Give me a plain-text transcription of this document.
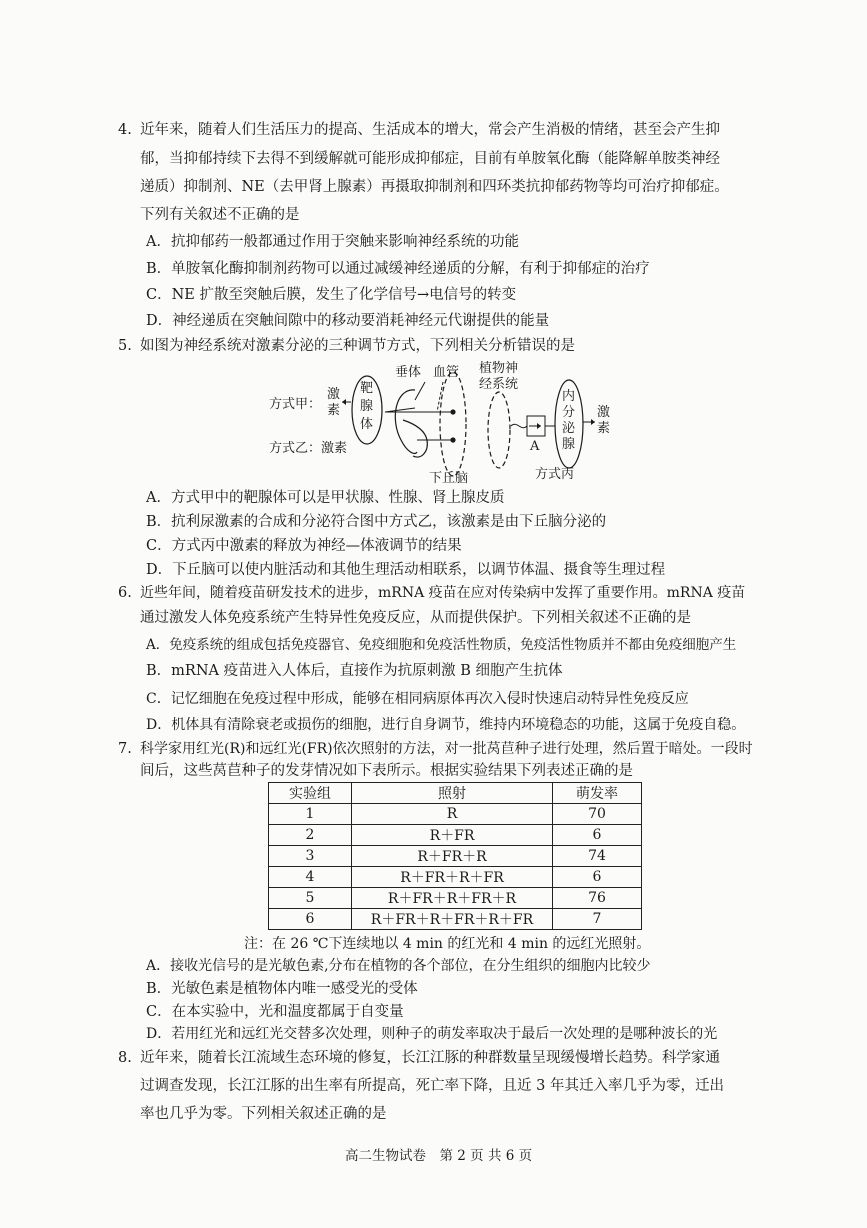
4. 近年来，随着人们生活压力的提高、生活成本的增大，常会产生消极的情绪，甚至会产生抑
郁，当抑郁持续下去得不到缓解就可能形成抑郁症，目前有单胺氧化酶（能降解单胺类神经
递质）抑制剂、NE（去甲肾上腺素）再摄取抑制剂和四环类抗抑郁药物等均可治疗抑郁症。
下列有关叙述不正确的是
A．抗抑郁药一般都通过作用于突触来影响神经系统的功能
B．单胺氧化酶抑制剂药物可以通过减缓神经递质的分解，有利于抑郁症的治疗
C．NE 扩散至突触后膜，发生了化学信号→电信号的转变
D．神经递质在突触间隙中的移动要消耗神经元代谢提供的能量
5. 如图为神经系统对激素分泌的三种调节方式，下列相关分析错误的是
方式甲：
方式乙：激素
激
素
靶
腺
体
垂体 血管
下丘脑
植物神
经系统
A
内
分
泌
腺
激
素
方式丙
A．方式甲中的靶腺体可以是甲状腺、性腺、肾上腺皮质
B．抗利尿激素的合成和分泌符合图中方式乙，该激素是由下丘脑分泌的
C．方式丙中激素的释放为神经—体液调节的结果
D．下丘脑可以使内脏活动和其他生理活动相联系，以调节体温、摄食等生理过程
6. 近些年间，随着疫苗研发技术的进步，mRNA 疫苗在应对传染病中发挥了重要作用。mRNA 疫苗
通过激发人体免疫系统产生特异性免疫反应，从而提供保护。下列相关叙述不正确的是
A．免疫系统的组成包括免疫器官、免疫细胞和免疫活性物质，免疫活性物质并不都由免疫细胞产生
B．mRNA 疫苗进入人体后，直接作为抗原刺激 B 细胞产生抗体
C．记忆细胞在免疫过程中形成，能够在相同病原体再次入侵时快速启动特异性免疫反应
D．机体具有清除衰老或损伤的细胞，进行自身调节，维持内环境稳态的功能，这属于免疫自稳。
7. 科学家用红光(R)和远红光(FR)依次照射的方法，对一批莴苣种子进行处理，然后置于暗处。一段时
间后，这些莴苣种子的发芽情况如下表所示。根据实验结果下列表述正确的是
实验组	照射	萌发率
1	R	70
2	R＋FR	6
3	R＋FR＋R	74
4	R＋FR＋R＋FR	6
5	R＋FR＋R＋FR＋R	76
6	R＋FR＋R＋FR＋R＋FR	7
注：在 26 ℃下连续地以 4 min 的红光和 4 min 的远红光照射。
A．接收光信号的是光敏色素,分布在植物的各个部位，在分生组织的细胞内比较少
B．光敏色素是植物体内唯一感受光的受体
C．在本实验中，光和温度都属于自变量
D．若用红光和远红光交替多次处理，则种子的萌发率取决于最后一次处理的是哪种波长的光
8. 近年来，随着长江流域生态环境的修复，长江江豚的种群数量呈现缓慢增长趋势。科学家通
过调查发现，长江江豚的出生率有所提高，死亡率下降，且近 3 年其迁入率几乎为零，迁出
率也几乎为零。下列相关叙述正确的是
高二生物试卷　第 2 页 共 6 页
